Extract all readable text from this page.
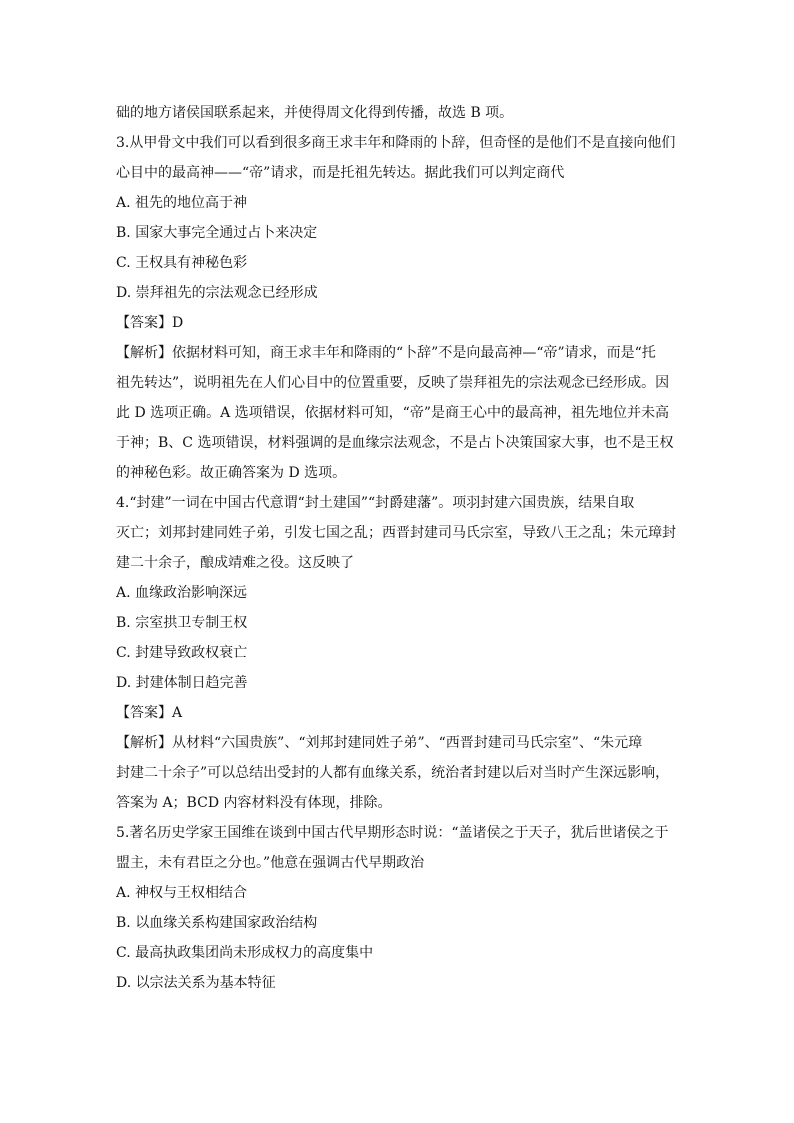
础的地方诸侯国联系起来，并使得周文化得到传播，故选 B 项。
3.从甲骨文中我们可以看到很多商王求丰年和降雨的卜辞，但奇怪的是他们不是直接向他们
心目中的最高神——“帝”请求，而是托祖先转达。据此我们可以判定商代
A. 祖先的地位高于神
B. 国家大事完全通过占卜来决定
C. 王权具有神秘色彩
D. 崇拜祖先的宗法观念已经形成
【答案】D
【解析】依据材料可知，商王求丰年和降雨的“卜辞”不是向最高神—“帝”请求，而是“托
祖先转达”，说明祖先在人们心目中的位置重要，反映了崇拜祖先的宗法观念已经形成。因
此 D 选项正确。A 选项错误，依据材料可知，“帝”是商王心中的最高神，祖先地位并未高
于神；B、C 选项错误，材料强调的是血缘宗法观念，不是占卜决策国家大事，也不是王权
的神秘色彩。故正确答案为 D 选项。
4.“封建”一词在中国古代意谓“封土建国”“封爵建藩”。项羽封建六国贵族，结果自取
灭亡；刘邦封建同姓子弟，引发七国之乱；西晋封建司马氏宗室，导致八王之乱；朱元璋封
建二十余子，酿成靖难之役。这反映了
A. 血缘政治影响深远
B. 宗室拱卫专制王权
C. 封建导致政权衰亡
D. 封建体制日趋完善
【答案】A
【解析】从材料“六国贵族”、“刘邦封建同姓子弟”、“西晋封建司马氏宗室”、“朱元璋
封建二十余子”可以总结出受封的人都有血缘关系，统治者封建以后对当时产生深远影响，
答案为 A；BCD 内容材料没有体现，排除。
5.著名历史学家王国维在谈到中国古代早期形态时说：“盖诸侯之于天子，犹后世诸侯之于
盟主，未有君臣之分也。”他意在强调古代早期政治
A. 神权与王权相结合
B. 以血缘关系构建国家政治结构
C. 最高执政集团尚未形成权力的高度集中
D. 以宗法关系为基本特征
